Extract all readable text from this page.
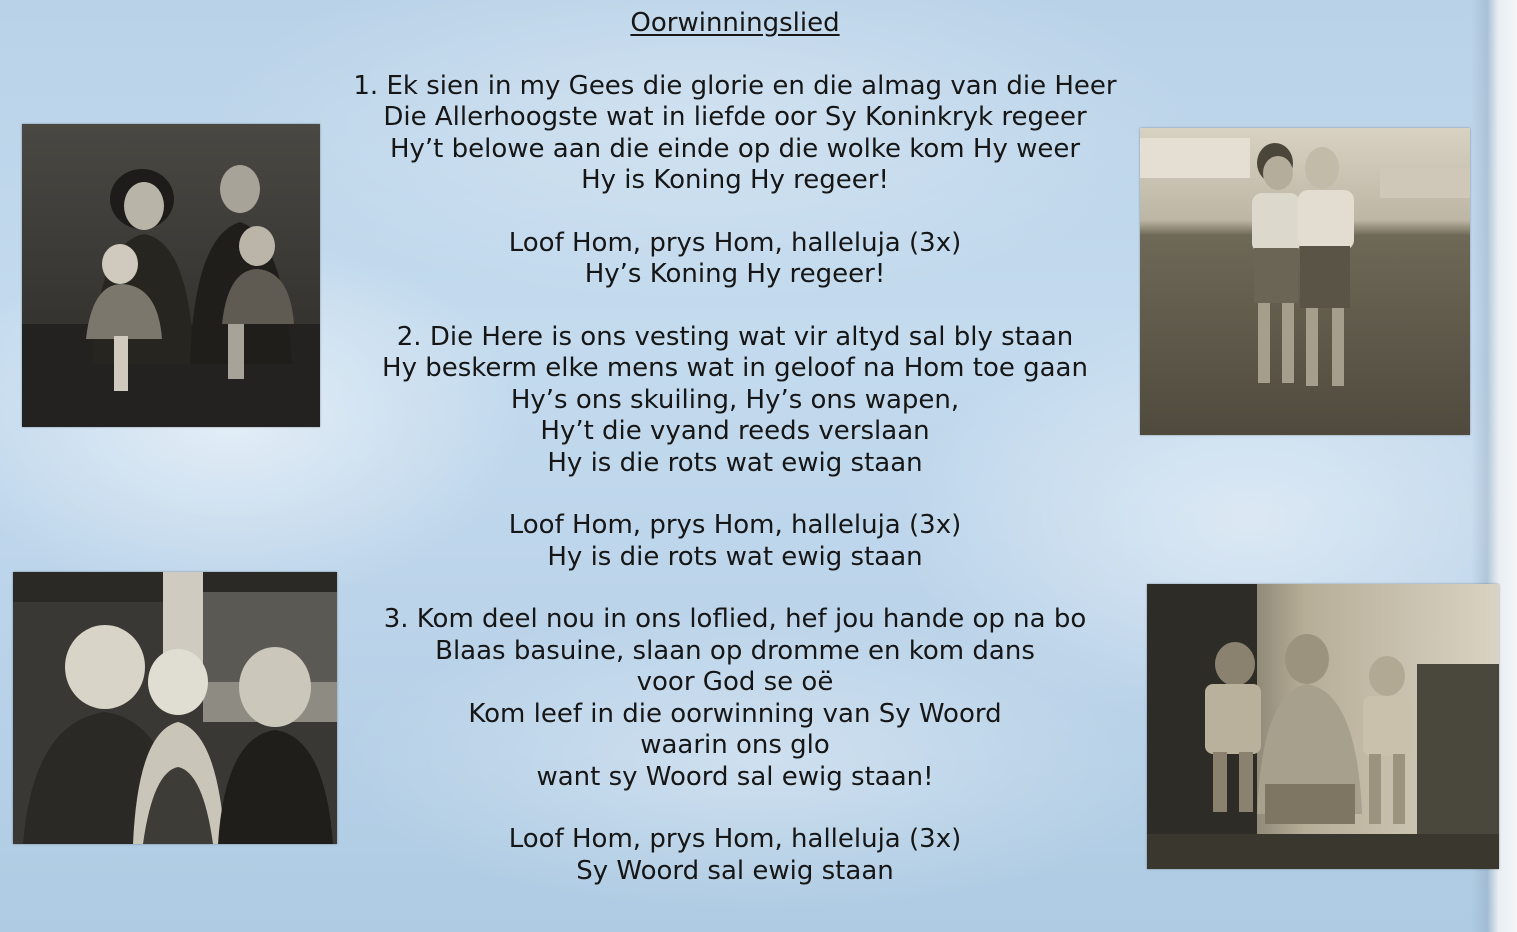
Oorwinningslied
1. Ek sien in my Gees die glorie en die almag van die Heer
Die Allerhoogste wat in liefde oor Sy Koninkryk regeer
Hy’t belowe aan die einde op die wolke kom Hy weer
Hy is Koning Hy regeer!
Loof Hom, prys Hom, halleluja (3x)
Hy’s Koning Hy regeer!
2. Die Here is ons vesting wat vir altyd sal bly staan
Hy beskerm elke mens wat in geloof na Hom toe gaan
Hy’s ons skuiling, Hy’s ons wapen,
Hy’t die vyand reeds verslaan
Hy is die rots wat ewig staan
Loof Hom, prys Hom, halleluja (3x)
Hy is die rots wat ewig staan
3. Kom deel nou in ons loflied, hef jou hande op na bo
Blaas basuine, slaan op dromme en kom dans
voor God se oë
Kom leef in die oorwinning van Sy Woord
waarin ons glo
want sy Woord sal ewig staan!
Loof Hom, prys Hom, halleluja (3x)
Sy Woord sal ewig staan
